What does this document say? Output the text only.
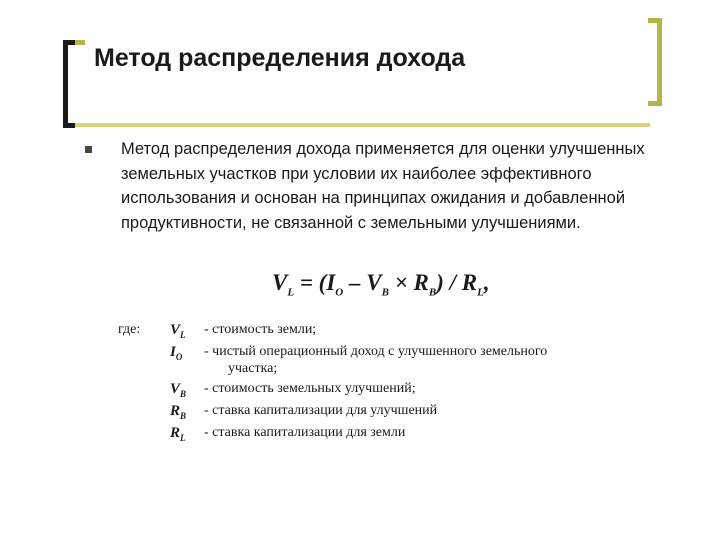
Метод распределения дохода
Метод распределения дохода применяется для оценки улучшенных земельных участков при условии их наиболее эффективного использования и основан на принципах ожидания и добавленной продуктивности, не связанной с земельными улучшениями.
$V_L = (I_O - V_B \times R_B) / R_L$,
где: $V_L$ - стоимость земли;
$I_O$ - чистый операционный доход с улучшенного земельного
участка;
$V_B$ - стоимость земельных улучшений;
$R_B$ - ставка капитализации для улучшений
$R_L$ - ставка капитализации для земли
